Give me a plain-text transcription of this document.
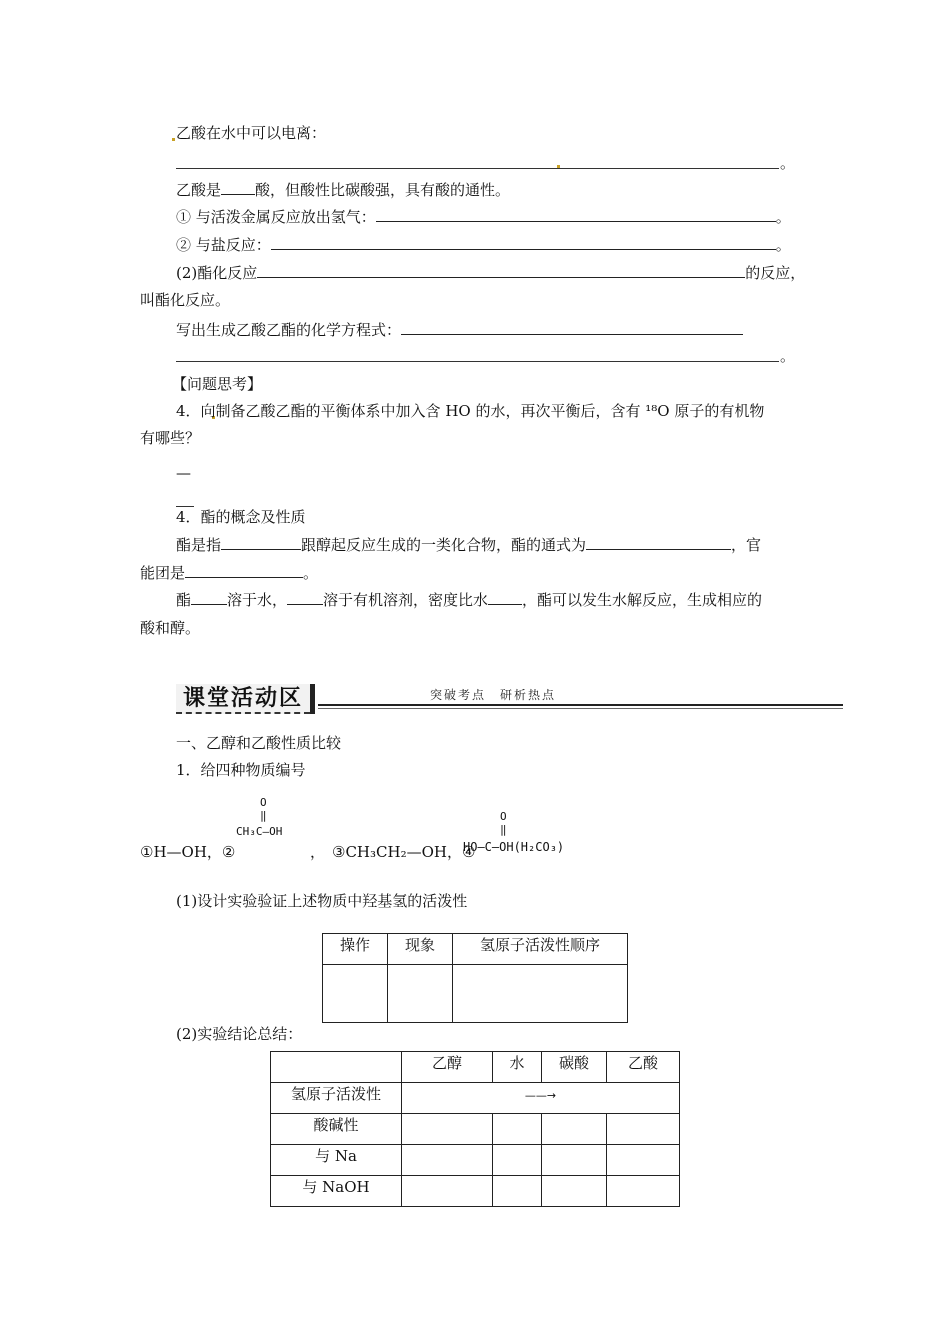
乙酸在水中可以电离：
。
乙酸是 酸，但酸性比碳酸强，具有酸的通性。
① 与活泼金属反应放出氢气：	。
② 与盐反应：	。
(2)酯化反应	的反应，
叫酯化反应。
写出生成乙酸乙酯的化学方程式：
。
【问题思考】
4．向制备乙酸乙酯的平衡体系中加入含 HO 的水，再次平衡后，含有 ¹⁸O 原子的有机物
有哪些？
—
4．酯的概念及性质
酯是指	跟醇起反应生成的一类化合物，酯的通式为	，官
能团是	。
酯 溶于水， 溶于有机溶剂，密度比水 ，酯可以发生水解反应，生成相应的
酸和醇。
课堂活动区	突破考点　研析热点
一、乙醇和乙酸性质比较
1．给四种物质编号
①H—OH，②
O
‖
CH₃C—OH
， ③CH₃CH₂—OH，④
O
‖
HO—C—OH(H₂CO₃)
(1)设计实验验证上述物质中羟基氢的活泼性
操作	现象	氢原子活泼性顺序

(2)实验结论总结：
	乙醇	水	碳酸	乙酸
氢原子活泼性	——→			
酸碱性				
与 Na				
与 NaOH				
